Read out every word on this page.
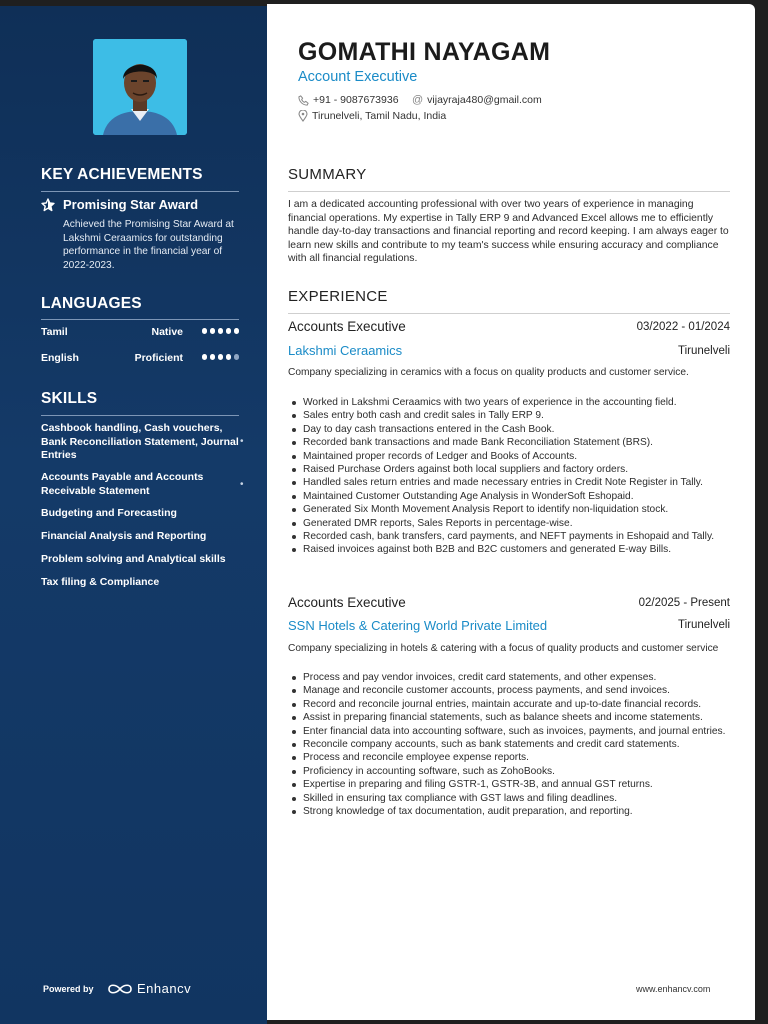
KEY ACHIEVEMENTS
Promising Star Award
Achieved the Promising Star Award at Lakshmi Ceraamics for outstanding performance in the financial year of 2022-2023.
LANGUAGES
Tamil	Native
English	Proficient
SKILLS
Cashbook handling, Cash vouchers, Bank Reconciliation Statement, Journal Entries
•
Accounts Payable and Accounts Receivable Statement	•
Budgeting and Forecasting
Financial Analysis and Reporting
Problem solving and Analytical skills
Tax filing & Compliance
Powered by	Enhancv
GOMATHI NAYAGAM
Account Executive
+91 - 9087673936 @ vijayraja480@gmail.com
Tirunelveli, Tamil Nadu, India
SUMMARY
I am a dedicated accounting professional with over two years of experience in managing financial operations. My expertise in Tally ERP 9 and Advanced Excel allows me to efficiently handle day-to-day transactions and financial reporting and record keeping. I am always eager to learn new skills and contribute to my team's success while ensuring accuracy and compliance with all financial regulations.
EXPERIENCE
Accounts Executive	03/2022 - 01/2024
Lakshmi Ceraamics	Tirunelveli
Company specializing in ceramics with a focus on quality products and customer service.
Worked in Lakshmi Ceraamics with two years of experience in the accounting field.
Sales entry both cash and credit sales in Tally ERP 9.
Day to day cash transactions entered in the Cash Book.
Recorded bank transactions and made Bank Reconciliation Statement (BRS).
Maintained proper records of Ledger and Books of Accounts.
Raised Purchase Orders against both local suppliers and factory orders.
Handled sales return entries and made necessary entries in Credit Note Register in Tally.
Maintained Customer Outstanding Age Analysis in WonderSoft Eshopaid.
Generated Six Month Movement Analysis Report to identify non-liquidation stock.
Generated DMR reports, Sales Reports in percentage-wise.
Recorded cash, bank transfers, card payments, and NEFT payments in Eshopaid and Tally.
Raised invoices against both B2B and B2C customers and generated E-way Bills.
Accounts Executive	02/2025 - Present
SSN Hotels & Catering World Private Limited	Tirunelveli
Company specializing in hotels & catering with a focus of quality products and customer service
Process and pay vendor invoices, credit card statements, and other expenses.
Manage and reconcile customer accounts, process payments, and send invoices.
Record and reconcile journal entries, maintain accurate and up-to-date financial records.
Assist in preparing financial statements, such as balance sheets and income statements.
Enter financial data into accounting software, such as invoices, payments, and journal entries.
Reconcile company accounts, such as bank statements and credit card statements.
Process and reconcile employee expense reports.
Proficiency in accounting software, such as ZohoBooks.
Expertise in preparing and filing GSTR-1, GSTR-3B, and annual GST returns.
Skilled in ensuring tax compliance with GST laws and filing deadlines.
Strong knowledge of tax documentation, audit preparation, and reporting.
www.enhancv.com
